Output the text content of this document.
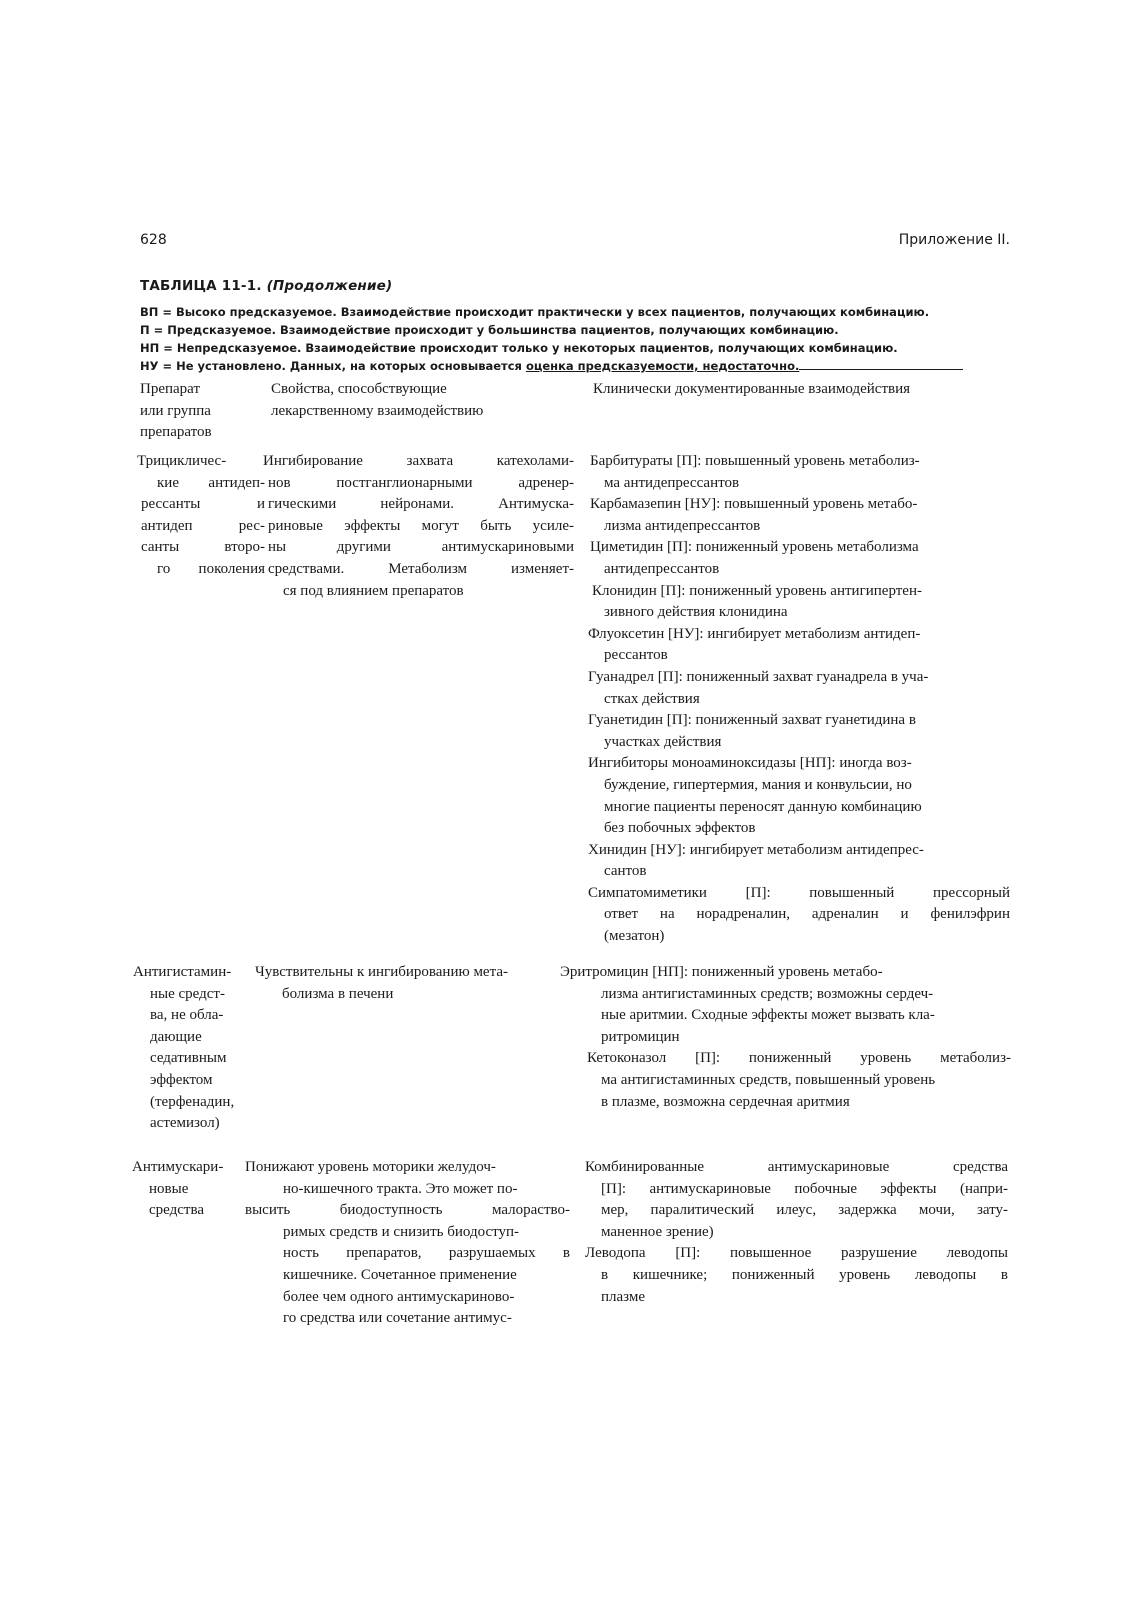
628	Приложение II.
ТАБЛИЦА 11-1. (Продолжение)
ВП = Высоко предсказуемое. Взаимодействие происходит практически у всех пациентов, получающих комбинацию.
П = Предсказуемое. Взаимодействие происходит у большинства пациентов, получающих комбинацию.
НП = Непредсказуемое. Взаимодействие происходит только у некоторых пациентов, получающих комбинацию.
НУ = Не установлено. Данных, на которых основывается оценка предсказуемости, недостаточно.
Препарат
или группа
препаратов
Свойства, способствующие
лекарственному взаимодействию
Клинически документированные взаимодействия
Трицикличес-
кие антидеп-
рессанты и
антидеп рес-
санты второ-
го поколения
Ингибирование захвата катехолами-
нов постганглионарными адренер-
гическими нейронами. Антимуска-
риновые эффекты могут быть усиле-
ны другими антимускариновыми
средствами. Метаболизм изменяет-
ся под влиянием препаратов
Барбитураты [П]: повышенный уровень метаболиз-
ма антидепрессантов
Карбамазепин [НУ]: повышенный уровень метабо-
лизма антидепрессантов
Циметидин [П]: пониженный уровень метаболизма
антидепрессантов
Клонидин [П]: пониженный уровень антигипертен-
зивного действия клонидина
Флуоксетин [НУ]: ингибирует метаболизм антидеп-
рессантов
Гуанадрел [П]: пониженный захват гуанадрела в уча-
стках действия
Гуанетидин [П]: пониженный захват гуанетидина в
участках действия
Ингибиторы моноаминоксидазы [НП]: иногда воз-
буждение, гипертермия, мания и конвульсии, но
многие пациенты переносят данную комбинацию
без побочных эффектов
Хинидин [НУ]: ингибирует метаболизм антидепрес-
сантов
Симпатомиметики [П]: повышенный прессорный
ответ на норадреналин, адреналин и фенилэфрин
(мезатон)
Антигистамин-
ные средст-
ва, не обла-
дающие
седативным
эффектом
(терфенадин,
астемизол)
Чувствительны к ингибированию мета-
болизма в печени
Эритромицин [НП]: пониженный уровень метабо-
лизма антигистаминных средств; возможны сердеч-
ные аритмии. Сходные эффекты может вызвать кла-
ритромицин
Кетоконазол [П]: пониженный уровень метаболиз-
ма антигистаминных средств, повышенный уровень
в плазме, возможна сердечная аритмия
Антимускари-
новые
средства
Понижают уровень моторики желудоч-
но-кишечного тракта. Это может по-
высить биодоступность малораство-
римых средств и снизить биодоступ-
ность препаратов, разрушаемых в
кишечнике. Сочетанное применение
более чем одного антимускариново-
го средства или сочетание антимус-
Комбинированные антимускариновые средства
[П]: антимускариновые побочные эффекты (напри-
мер, паралитический илеус, задержка мочи, зату-
маненное зрение)
Леводопа [П]: повышенное разрушение леводопы
в кишечнике; пониженный уровень леводопы в
плазме
